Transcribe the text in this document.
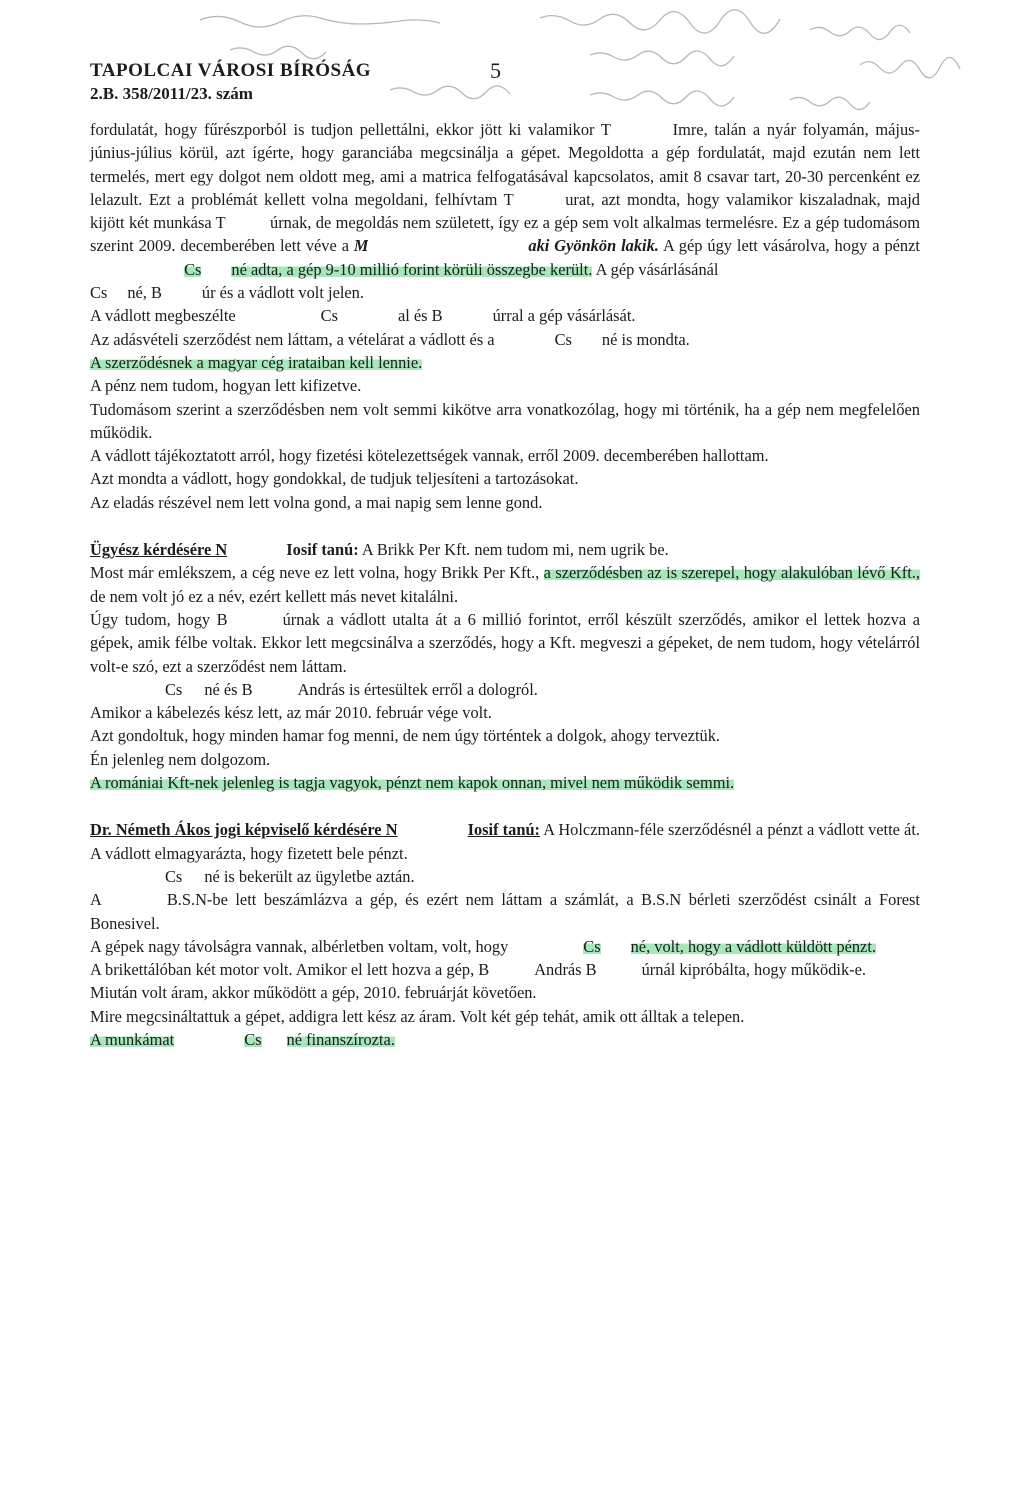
TAPOLCAI VÁROSI BÍRÓSÁG
2.B. 358/2011/23. szám
5

fordulatát, hogy fűrészporból is tudjon pellettálni, ekkor jött ki valamikor T	Imre, talán a nyár folyamán, május-június-július körül, azt ígérte, hogy garanciába megcsinálja a gépet. Megoldotta a gép fordulatát, majd ezután nem lett termelés, mert egy dolgot nem oldott meg, ami a matrica felfogatásával kapcsolatos, amit 8 csavar tart, 20-30 percenként ez lelazult. Ezt a problémát kellett volna megoldani, felhívtam T	urat, azt mondta, hogy valamikor kiszaladnak, majd kijött két munkása T	úrnak, de megoldás nem született, így ez a gép sem volt alkalmas termelésre. Ez a gép tudomásom szerint 2009. decemberében lett véve a M	aki Gyönkön lakik. A gép úgy lett vásárolva, hogy a pénzt  Cs né adta, a gép 9-10 millió forint körüli összegbe került. A gép vásárlásánál
Cs né, B úr és a vádlott volt jelen.

A vádlott megbeszélte	Cs	al és B	úrral a gép vásárlását.

Az adásvételi szerződést nem láttam, a vételárat a vádlott és a	Cs né is mondta.

A szerződésnek a magyar cég irataiban kell lennie.

A pénz nem tudom, hogyan lett kifizetve.

Tudomásom szerint a szerződésben nem volt semmi kikötve arra vonatkozólag, hogy mi történik, ha a gép nem megfelelően működik.

A vádlott tájékoztatott arról, hogy fizetési kötelezettségek vannak, erről 2009. decemberében hallottam.

Azt mondta a vádlott, hogy gondokkal, de tudjuk teljesíteni a tartozásokat.

Az eladás részével nem lett volna gond, a mai napig sem lenne gond.

Ügyész kérdésére N	Iosif tanú: A Brikk Per Kft. nem tudom mi, nem ugrik be.

Most már emlékszem, a cég neve ez lett volna, hogy Brikk Per Kft., a szerződésben az is szerepel, hogy alakulóban lévő Kft., de nem volt jó ez a név, ezért kellett más nevet kitalálni.

Úgy tudom, hogy B	úrnak a vádlott utalta át a 6 millió forintot, erről készült szerződés, amikor el lettek hozva a gépek, amik félbe voltak. Ekkor lett megcsinálva a szerződés, hogy a Kft. megveszi a gépeket, de nem tudom, hogy vételárról volt-e szó, ezt a szerződést nem láttam.

Cs né és B	András is értesültek erről a dologról.

Amikor a kábelezés kész lett, az már 2010. február vége volt.

Azt gondoltuk, hogy minden hamar fog menni, de nem úgy történtek a dolgok, ahogy terveztük.

Én jelenleg nem dolgozom.

A romániai Kft-nek jelenleg is tagja vagyok, pénzt nem kapok onnan, mivel nem működik semmi.

Dr. Németh Ákos jogi képviselő kérdésére N	Iosif tanú: A Holczmann-féle szerződésnél a pénzt a vádlott vette át. A vádlott elmagyarázta, hogy fizetett bele pénzt.

Cs né is bekerült az ügyletbe aztán.

A	B.S.N-be lett beszámlázva a gép, és ezért nem láttam a számlát, a B.S.N bérleti szerződést csinált a Forest Bonesivel.

A gépek nagy távolságra vannak, albérletben voltam, volt, hogy	Cs né, volt, hogy a vádlott küldött pénzt.

A brikettálóban két motor volt. Amikor el lett hozva a gép, B	András B	úrnál kipróbálta, hogy működik-e.

Miután volt áram, akkor működött a gép, 2010. februárját követően.

Mire megcsináltattuk a gépet, addigra lett kész az áram. Volt két gép tehát, amik ott álltak a telepen.

A munkámat	Cs né finanszírozta.
